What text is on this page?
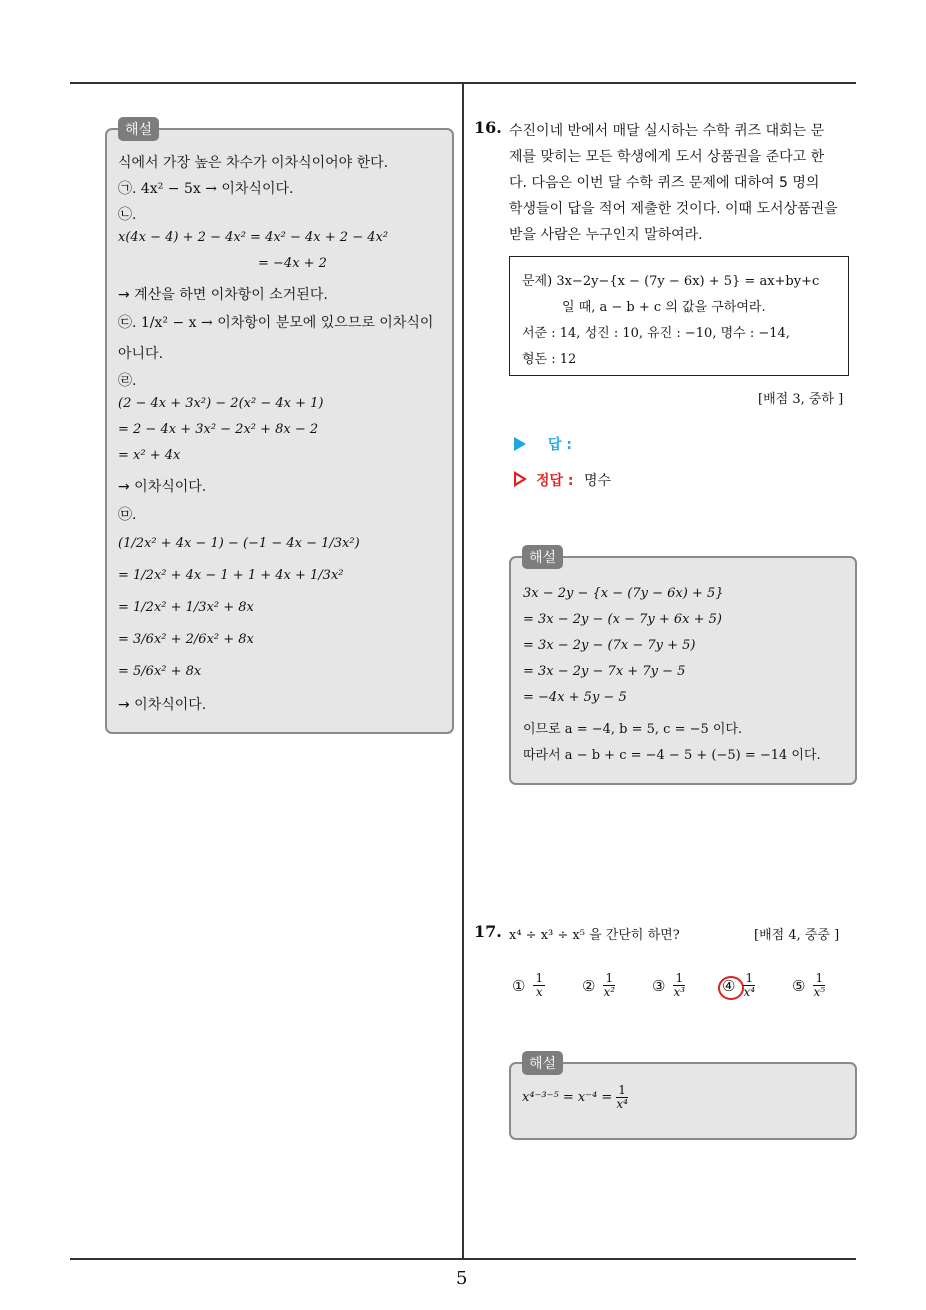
해설
식에서 가장 높은 차수가 이차식이어야 한다.
㉠. 4x² − 5x → 이차식이다.
㉡.
x(4x − 4) + 2 − 4x² = 4x² − 4x + 2 − 4x²
= −4x + 2
→ 계산을 하면 이차항이 소거된다.
㉢. 1/x² − x → 이차항이 분모에 있으므로 이차식이
아니다.
㉣.
(2 − 4x + 3x²) − 2(x² − 4x + 1)
= 2 − 4x + 3x² − 2x² + 8x − 2
= x² + 4x
→ 이차식이다.
㉤.
(1/2x² + 4x − 1) − (−1 − 4x − 1/3x²)
= 1/2x² + 4x − 1 + 1 + 4x + 1/3x²
= 1/2x² + 1/3x² + 8x
= 3/6x² + 2/6x² + 8x
= 5/6x² + 8x
→ 이차식이다.
16. 수진이네 반에서 매달 실시하는 수학 퀴즈 대회는 문
제를 맞히는 모든 학생에게 도서 상품권을 준다고 한
다. 다음은 이번 달 수학 퀴즈 문제에 대하여 5 명의
학생들이 답을 적어 제출한 것이다. 이때 도서상품권을
받을 사람은 누구인지 말하여라.
문제) 3x−2y−{x − (7y − 6x) + 5} = ax+by+c
일 때, a − b + c 의 값을 구하여라.
서준 : 14, 성진 : 10, 유진 : −10, 명수 : −14,
형돈 : 12
[배점 3, 중하 ]
답 :
정답 : 명수
해설
3x − 2y − {x − (7y − 6x) + 5}
= 3x − 2y − (x − 7y + 6x + 5)
= 3x − 2y − (7x − 7y + 5)
= 3x − 2y − 7x + 7y − 5
= −4x + 5y − 5
이므로 a = −4, b = 5, c = −5 이다.
따라서 a − b + c = −4 − 5 + (−5) = −14 이다.
17. x⁴ ÷ x³ ÷ x⁵ 을 간단히 하면?	[배점 4, 중중 ]
① $\frac{1}{x}$ ② $\frac{1}{\text{x²}}$ ③ $\frac{1}{\text{x³}}$ ④ $\frac{1}{\text{x⁴}}$ ⑤ $\frac{1}{\text{x⁵}}$
해설
$x^{4-3-5} = x^{-4} = \frac{1}{\text{x⁴}}$
5
